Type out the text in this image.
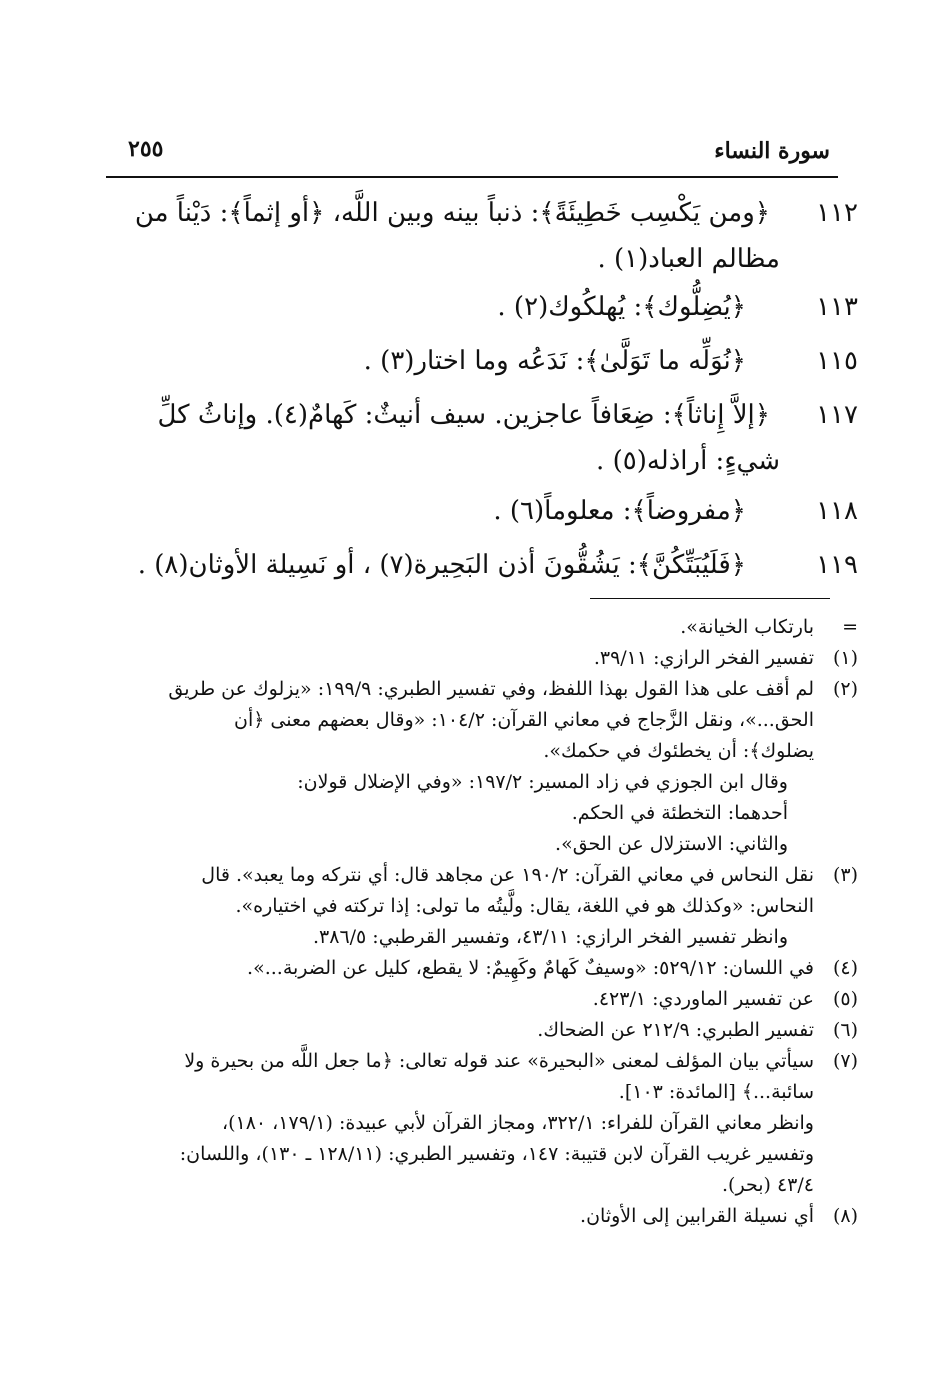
سورة النساء
٢٥٥
١١٢
﴿ومن يَكْسِب خَطِيئَةً﴾: ذنباً بينه وبين اللَّه، ﴿أو إثماً﴾: دَيْناً من
مظالم العباد(١) .
١١٣
﴿يُضِلُّوك﴾: يُهلكُوك(٢) .
١١٥
﴿نُوَلِّه ما تَوَلَّىٰ﴾: نَدَعُه وما اختار(٣) .
١١٧
﴿إلاَّ إِناثاً﴾: ضِعَافاً عاجزين. سيف أنيثٌ: كَهامٌ(٤). وإناثُ كلِّ
شيءٍ: أراذله(٥) .
١١٨
﴿مفروضاً﴾: معلوماً(٦) .
١١٩
﴿فَلَيُبَتِّكُنَّ﴾: يَشُقُّونَ أذن البَحِيرة(٧) ، أو نَسِيلة الأوثان(٨) .
=
بارتكاب الخيانة».
(١)
تفسير الفخر الرازي: ٣٩/١١.
(٢)
لم أقف على هذا القول بهذا اللفظ، وفي تفسير الطبري: ١٩٩/٩: «يزلوك عن طريق
الحق...»، ونقل الزَّجاج في معاني القرآن: ١٠٤/٢: «وقال بعضهم معنى ﴿أن
يضلوك﴾: أن يخطئوك في حكمك».
وقال ابن الجوزي في زاد المسير: ١٩٧/٢: «وفي الإضلال قولان:
أحدهما: التخطئة في الحكم.
والثاني: الاستزلال عن الحق».
(٣)
نقل النحاس في معاني القرآن: ١٩٠/٢ عن مجاهد قال: أي نتركه وما يعبد». قال
النحاس: «وكذلك هو في اللغة، يقال: ولَّيتُه ما تولى: إذا تركته في اختياره».
وانظر تفسير الفخر الرازي: ٤٣/١١، وتفسير القرطبي: ٣٨٦/٥.
(٤)
في اللسان: ٥٢٩/١٢: «وسيفٌ كَهامٌ وكَهِيمٌ: لا يقطع، كليل عن الضربة...».
(٥)
عن تفسير الماوردي: ٤٢٣/١.
(٦)
تفسير الطبري: ٢١٢/٩ عن الضحاك.
(٧)
سيأتي بيان المؤلف لمعنى «البحيرة» عند قوله تعالى: ﴿ما جعل اللَّه من بحيرة ولا
سائبة...﴾ [المائدة: ١٠٣].
وانظر معاني القرآن للفراء: ٣٢٢/١، ومجاز القرآن لأبي عبيدة: (١٧٩/١، ١٨٠)،
وتفسير غريب القرآن لابن قتيبة: ١٤٧، وتفسير الطبري: (١٢٨/١١ ـ ١٣٠)، واللسان:
٤٣/٤ (بحر).
(٨)
أي نسيلة القرابين إلى الأوثان.
